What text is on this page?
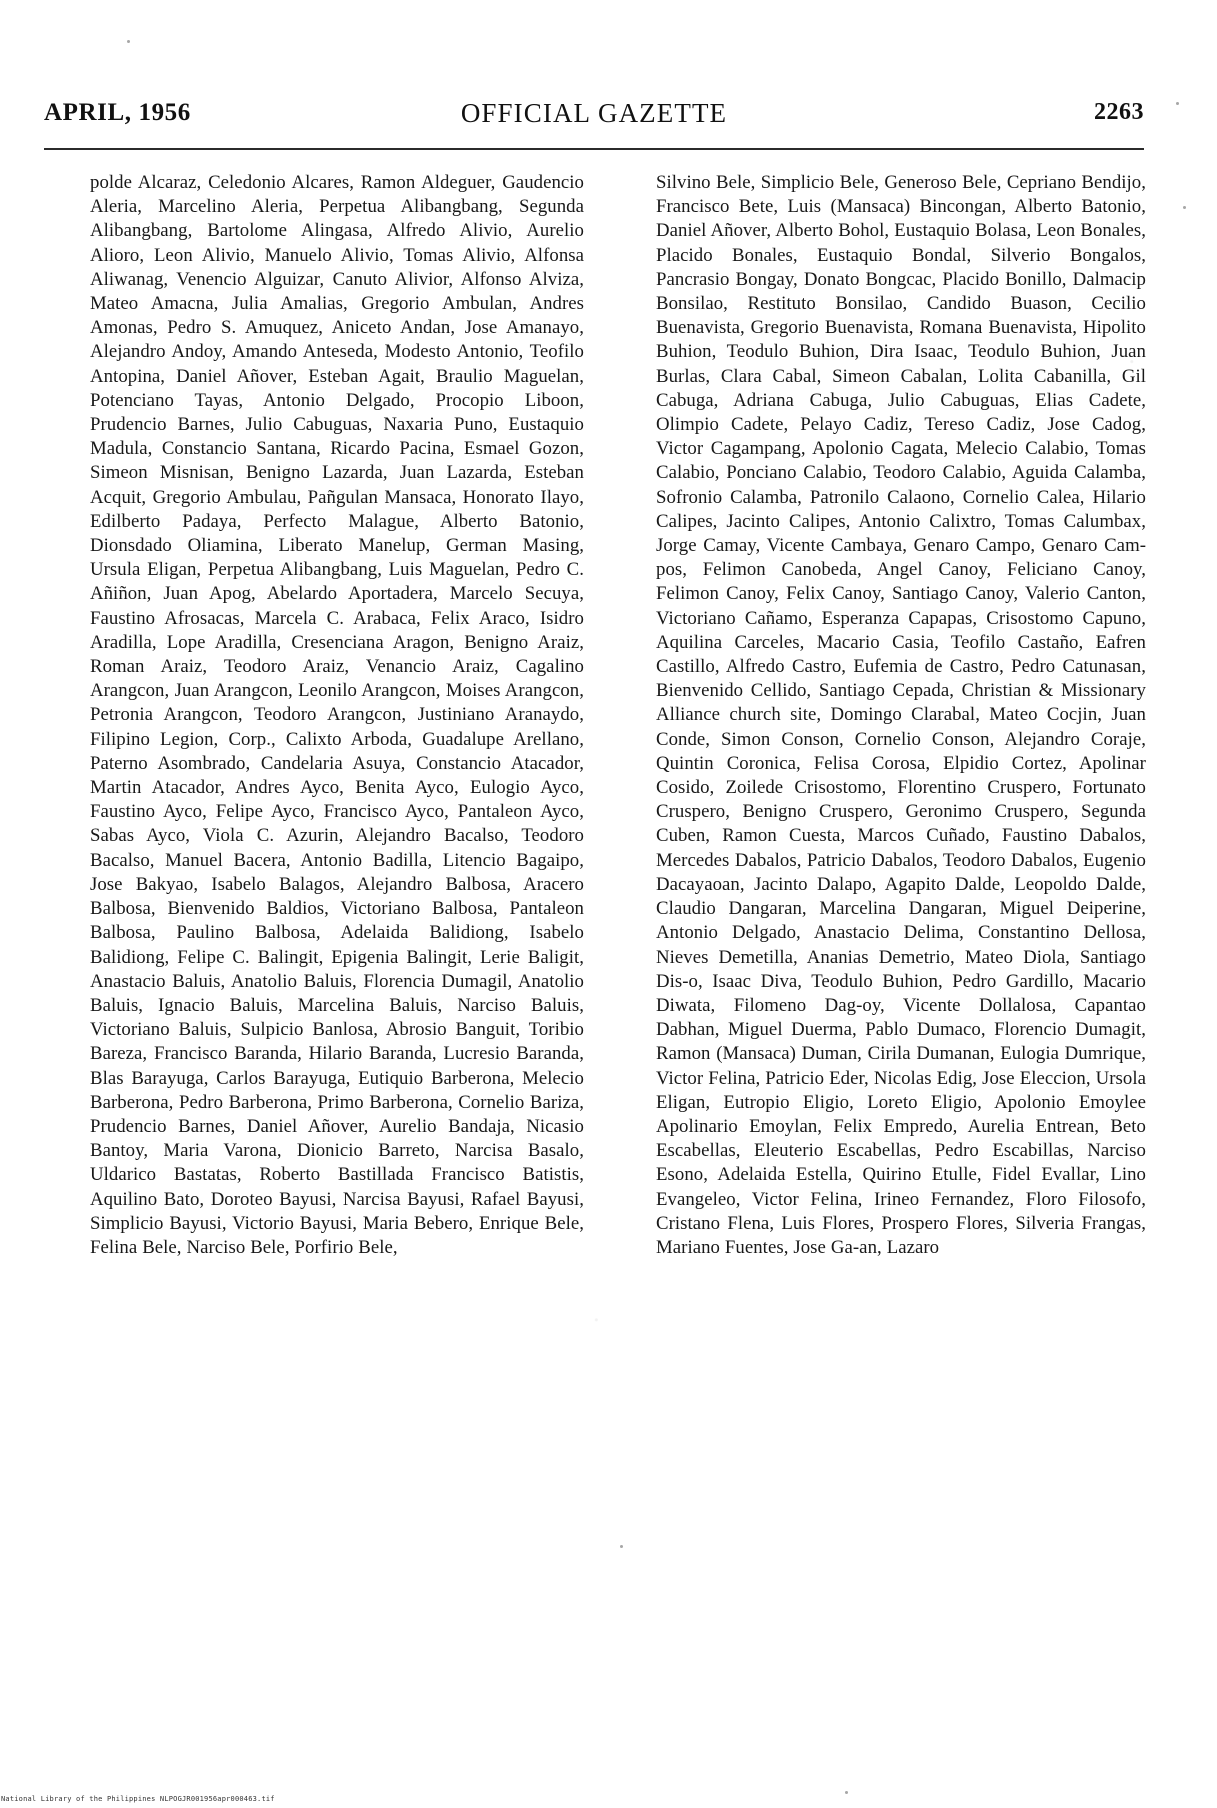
APRIL, 1956	OFFICIAL GAZETTE	2263
polde Alcaraz, Celedonio Alcares, Ramon Aldeguer, Gaudencio Aleria, Marcelino Aleria, Perpetua Alibangbang, Segunda Alibangbang, Bartolome Alingasa, Alfredo Alivio, Aurelio Alioro, Leon Alivio, Manuelo Alivio, Tomas Alivio, Alfonsa Aliwanag, Venencio Alguizar, Canuto Alivior, Alfonso Alviza, Mateo Amacna, Julia Amalias, Gregorio Ambulan, Andres Amonas, Pedro S. Amuquez, Aniceto Andan, Jose Amanayo, Alejandro Andoy, Amando Anteseda, Modesto Antonio, Teofilo Antopina, Daniel Añover, Esteban Agait, Braulio Maguelan, Potenciano Tayas, Antonio Delgado, Procopio Liboon, Prudencio Barnes, Julio Cabuguas, Naxaria Puno, Eustaquio Madula, Constancio Santana, Ricardo Pacina, Esmael Gozon, Simeon Misnisan, Benigno Lazarda, Juan Lazarda, Esteban Acquit, Gregorio Ambulau, Pañgulan Mansaca, Honorato Ilayo, Edilberto Padaya, Perfecto Malague, Alberto Batonio, Dionsdado Oliamina, Liberato Manelup, German Masing, Ursula Eligan, Perpetua Alibangbang, Luis Maguelan, Pedro C. Añiñon, Juan Apog, Abelardo Aportadera, Marcelo Secuya, Faustino Afrosacas, Marcela C. Arabaca, Felix Araco, Isidro Aradilla, Lope Aradilla, Cresenciana Aragon, Benigno Araiz, Roman Araiz, Teodoro Araiz, Venancio Araiz, Cagalino Arangcon, Juan Arangcon, Leonilo Arangcon, Moises Arangcon, Petronia Arangcon, Teodoro Arangcon, Justiniano Aranaydo, Filipino Legion, Corp., Calixto Arboda, Guadalupe Arellano, Paterno Asombrado, Candelaria Asuya, Constancio Atacador, Martin Atacador, Andres Ayco, Benita Ayco, Eulogio Ayco, Faustino Ayco, Felipe Ayco, Francisco Ayco, Pantaleon Ayco, Sabas Ayco, Viola C. Azurin, Alejandro Bacalso, Teodoro Bacalso, Manuel Bacera, Antonio Badilla, Litencio Bagaipo, Jose Bakyao, Isabelo Balagos, Alejandro Balbosa, Aracero Balbosa, Bienvenido Baldios, Victoriano Balbosa, Pantaleon Balbosa, Paulino Balbosa, Adelaida Balidiong, Isabelo Balidiong, Felipe C. Balingit, Epigenia Balingit, Lerie Baligit, Anastacio Baluis, Anatolio Baluis, Florencia Dumagil, Anatolio Baluis, Ignacio Baluis, Marcelina Baluis, Narciso Baluis, Victoriano Baluis, Sulpicio Banlosa, Abrosio Banguit, Toribio Bareza, Francisco Baranda, Hilario Baranda, Lucresio Baranda, Blas Barayuga, Carlos Barayuga, Eutiquio Barberona, Melecio Barberona, Pedro Barberona, Primo Barberona, Cornelio Bariza, Prudencio Barnes, Daniel Añover, Aurelio Bandaja, Nicasio Bantoy, Maria Varona, Dionicio Barreto, Narcisa Basalo, Uldarico Bastatas, Roberto Bastillada Francisco Batistis, Aquilino Bato, Doroteo Bayusi, Narcisa Bayusi, Rafael Bayusi, Simplicio Bayusi, Victorio Bayusi, Maria Bebero, Enrique Bele, Felina Bele, Narciso Bele, Porfirio Bele,
Silvino Bele, Simplicio Bele, Generoso Bele, Cepriano Bendijo, Francisco Bete, Luis (Mansaca) Bincongan, Alberto Batonio, Daniel Añover, Alberto Bohol, Eustaquio Bolasa, Leon Bonales, Placido Bonales, Eustaquio Bondal, Silverio Bongalos, Pancrasio Bongay, Donato Bongcac, Placido Bonillo, Dalmacip Bonsilao, Restituto Bonsilao, Candido Buason, Cecilio Buenavista, Gregorio Buenavista, Romana Buenavista, Hipolito Buhion, Teodulo Buhion, Dira Isaac, Teodulo Buhion, Juan Burlas, Clara Cabal, Simeon Cabalan, Lolita Cabanilla, Gil Cabuga, Adriana Cabuga, Julio Cabuguas, Elias Cadete, Olimpio Cadete, Pelayo Cadiz, Tereso Cadiz, Jose Cadog, Victor Cagampang, Apolonio Cagata, Melecio Calabio, Tomas Calabio, Ponciano Calabio, Teodoro Calabio, Aguida Calamba, Sofronio Calamba, Patronilo Calaono, Cornelio Calea, Hilario Calipes, Jacinto Calipes, Antonio Calixtro, Tomas Calumbax, Jorge Camay, Vicente Cambaya, Genaro Campo, Genaro Campos, Felimon Canobeda, Angel Canoy, Feliciano Canoy, Felimon Canoy, Felix Canoy, Santiago Canoy, Valerio Canton, Victoriano Cañamo, Esperanza Capapas, Crisostomo Capuno, Aquilina Carceles, Macario Casia, Teofilo Castaño, Eafren Castillo, Alfredo Castro, Eufemia de Castro, Pedro Catunasan, Bienvenido Cellido, Santiago Cepada, Christian & Missionary Alliance church site, Domingo Clarabal, Mateo Cocjin, Juan Conde, Simon Conson, Cornelio Conson, Alejandro Coraje, Quintin Coronica, Felisa Corosa, Elpidio Cortez, Apolinar Cosido, Zoilede Crisostomo, Florentino Cruspero, Fortunato Cruspero, Benigno Cruspero, Geronimo Cruspero, Segunda Cuben, Ramon Cuesta, Marcos Cuñado, Faustino Dabalos, Mercedes Dabalos, Patricio Dabalos, Teodoro Dabalos, Eugenio Dacayaoan, Jacinto Dalapo, Agapito Dalde, Leopoldo Dalde, Claudio Dangaran, Marcelina Dangaran, Miguel Deiperine, Antonio Delgado, Anastacio Delima, Constantino Dellosa, Nieves Demetilla, Ananias Demetrio, Mateo Diola, Santiago Dis-o, Isaac Diva, Teodulo Buhion, Pedro Gardillo, Macario Diwata, Filomeno Dag-oy, Vicente Dollalosa, Capantao Dabhan, Miguel Duerma, Pablo Dumaco, Florencio Dumagit, Ramon (Mansaca) Duman, Cirila Dumanan, Eulogia Dumrique, Victor Felina, Patricio Eder, Nicolas Edig, Jose Eleccion, Ursola Eligan, Eutropio Eligio, Loreto Eligio, Apolonio Emoylee Apolinario Emoylan, Felix Empredo, Aurelia Entrean, Beto Escabellas, Eleuterio Escabellas, Pedro Escabillas, Narciso Esono, Adelaida Estella, Quirino Etulle, Fidel Evallar, Lino Evangeleo, Victor Felina, Irineo Fernandez, Floro Filosofo, Cristano Flena, Luis Flores, Prospero Flores, Silveria Frangas, Mariano Fuentes, Jose Ga-an, Lazaro
National Library of the Philippines NLPOGJR001956apr000463.tif
